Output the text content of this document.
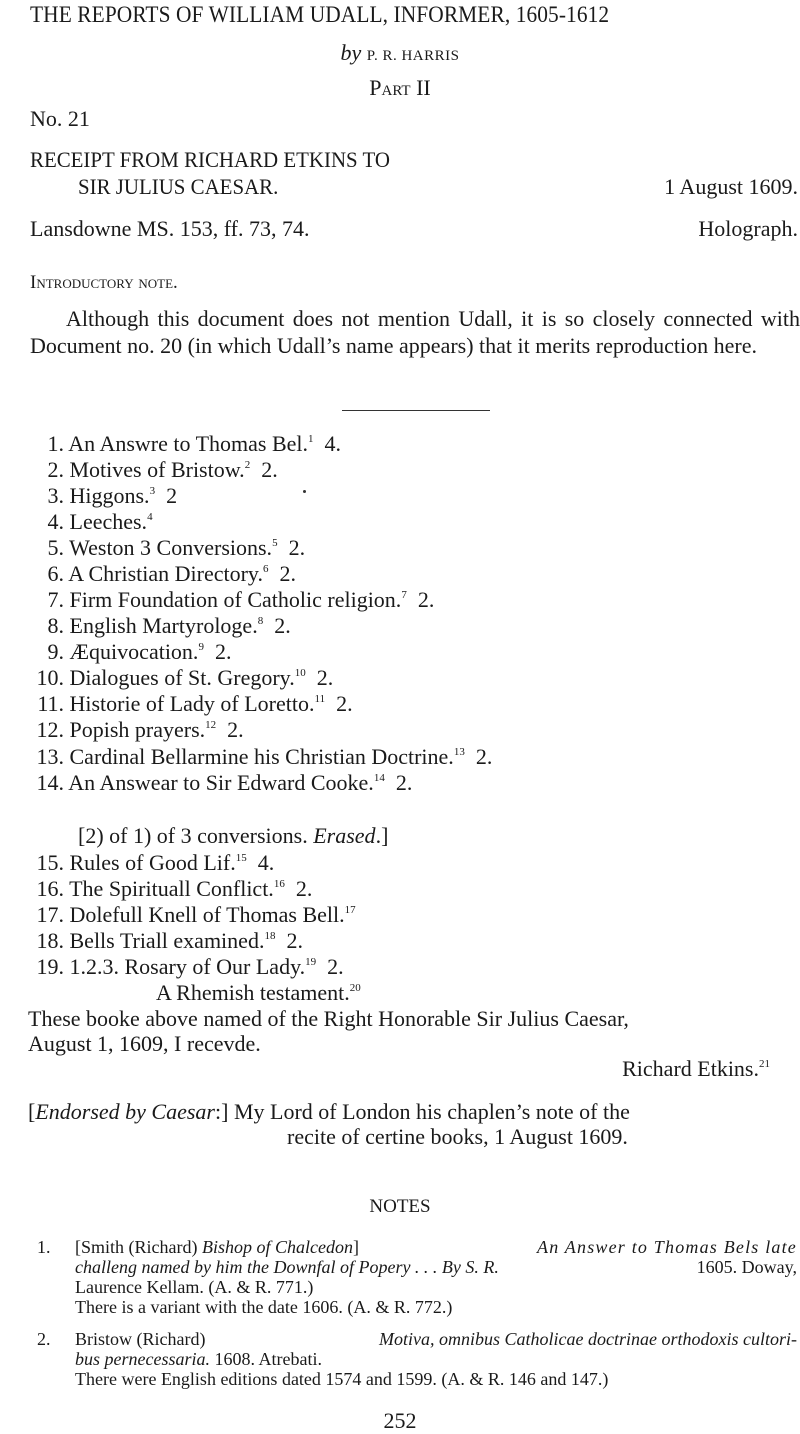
THE REPORTS OF WILLIAM UDALL, INFORMER, 1605-1612
by P. R. HARRIS
Part II
No. 21
RECEIPT FROM RICHARD ETKINS TO
SIR JULIUS CAESAR.	1 August 1609.
Lansdowne MS. 153, ff. 73, 74.	Holograph.
Introductory note.
Although this document does not mention Udall, it is so closely connected with Document no. 20 (in which Udall’s name appears) that it merits reproduction here.
1. An Answre to Thomas Bel.$^1$  4.
2. Motives of Bristow.$^2$  2.
3. Higgons.$^3$  2
4. Leeches.$^4$
5. Weston 3 Conversions.$^5$  2.
6. A Christian Directory.$^6$  2.
7. Firm Foundation of Catholic religion.$^7$  2.
8. English Martyrologe.$^8$  2.
9. Æquivocation.$^9$  2.
10. Dialogues of St. Gregory.$^{10}$  2.
11. Historie of Lady of Loretto.$^{11}$  2.
12. Popish prayers.$^{12}$  2.
13. Cardinal Bellarmine his Christian Doctrine.$^{13}$  2.
14. An Answear to Sir Edward Cooke.$^{14}$  2.
15. Rules of Good Lif.$^{15}$  4.
16. The Spirituall Conflict.$^{16}$  2.
17. Dolefull Knell of Thomas Bell.$^{17}$
18. Bells Triall examined.$^{18}$  2.
19. 1.2.3. Rosary of Our Lady.$^{19}$  2.
[2) of 1) of 3 conversions. Erased.]
A Rhemish testament.$^{20}$
These booke above named of the Right Honorable Sir Julius Caesar,
August 1, 1609, I recevde.
Richard Etkins.$^{21}$
[Endorsed by Caesar:] My Lord of London his chaplen’s note of the
recite of certine books, 1 August 1609.
NOTES
1. [Smith (Richard) Bishop of Chalcedon]	An Answer to Thomas Bels late
challeng named by him the Downfal of Popery . . . By S. R.	1605. Doway,
Laurence Kellam. (A. & R. 771.)
There is a variant with the date 1606. (A. & R. 772.)
2. Bristow (Richard)	Motiva, omnibus Catholicae doctrinae orthodoxis cultori-
bus pernecessaria. 1608. Atrebati.
There were English editions dated 1574 and 1599. (A. & R. 146 and 147.)
252
